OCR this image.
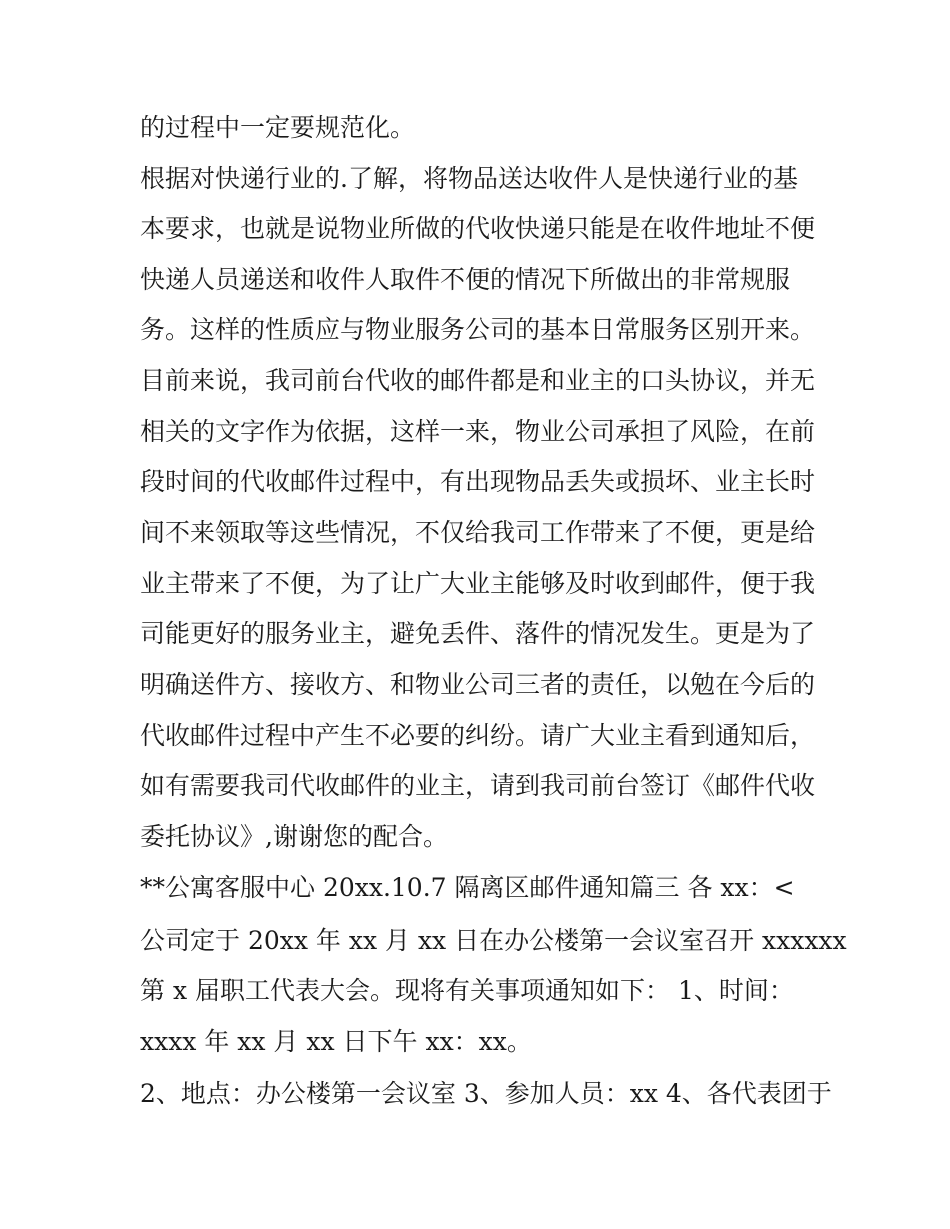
的过程中一定要规范化。

根据对快递行业的.了解，将物品送达收件人是快递行业的基

本要求，也就是说物业所做的代收快递只能是在收件地址不便

快递人员递送和收件人取件不便的情况下所做出的非常规服

务。这样的性质应与物业服务公司的基本日常服务区别开来。

目前来说，我司前台代收的邮件都是和业主的口头协议，并无

相关的文字作为依据，这样一来，物业公司承担了风险，在前

段时间的代收邮件过程中，有出现物品丢失或损坏、业主长时

间不来领取等这些情况，不仅给我司工作带来了不便，更是给

业主带来了不便，为了让广大业主能够及时收到邮件，便于我

司能更好的服务业主，避免丢件、落件的情况发生。更是为了

明确送件方、接收方、和物业公司三者的责任，以勉在今后的

代收邮件过程中产生不必要的纠纷。请广大业主看到通知后，

如有需要我司代收邮件的业主，请到我司前台签订《邮件代收

委托协议》,谢谢您的配合。

**公寓客服中心 20xx.10.7 隔离区邮件通知篇三 各 xx：<

公司定于 20xx 年 xx 月 xx 日在办公楼第一会议室召开 xxxxxx

第 x 届职工代表大会。现将有关事项通知如下： 1、时间：

xxxx 年 xx 月 xx 日下午 xx：xx。

2、地点：办公楼第一会议室 3、参加人员：xx 4、各代表团于
